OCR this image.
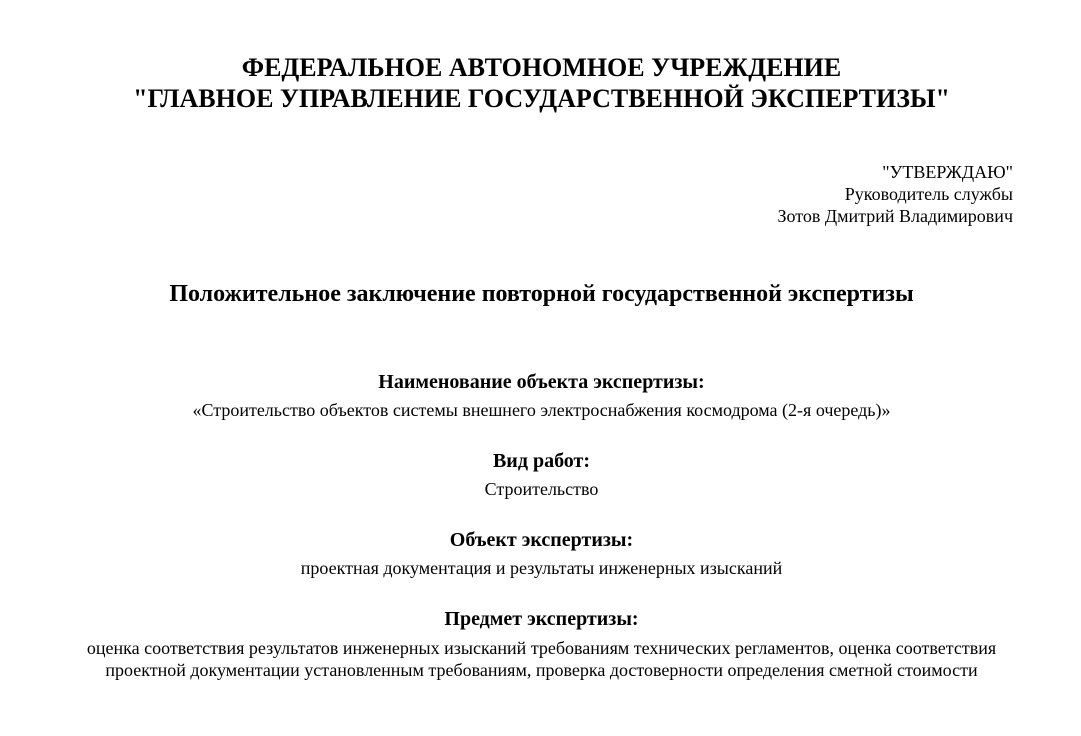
ФЕДЕРАЛЬНОЕ АВТОНОМНОЕ УЧРЕЖДЕНИЕ
"ГЛАВНОЕ УПРАВЛЕНИЕ ГОСУДАРСТВЕННОЙ ЭКСПЕРТИЗЫ"
"УТВЕРЖДАЮ"
Руководитель службы
Зотов Дмитрий Владимирович
Положительное заключение повторной государственной экспертизы
Наименование объекта экспертизы:
«Строительство объектов системы внешнего электроснабжения космодрома (2-я очередь)»
Вид работ:
Строительство
Объект экспертизы:
проектная документация и результаты инженерных изысканий
Предмет экспертизы:
оценка соответствия результатов инженерных изысканий требованиям технических регламентов, оценка соответствия
проектной документации установленным требованиям, проверка достоверности определения сметной стоимости
